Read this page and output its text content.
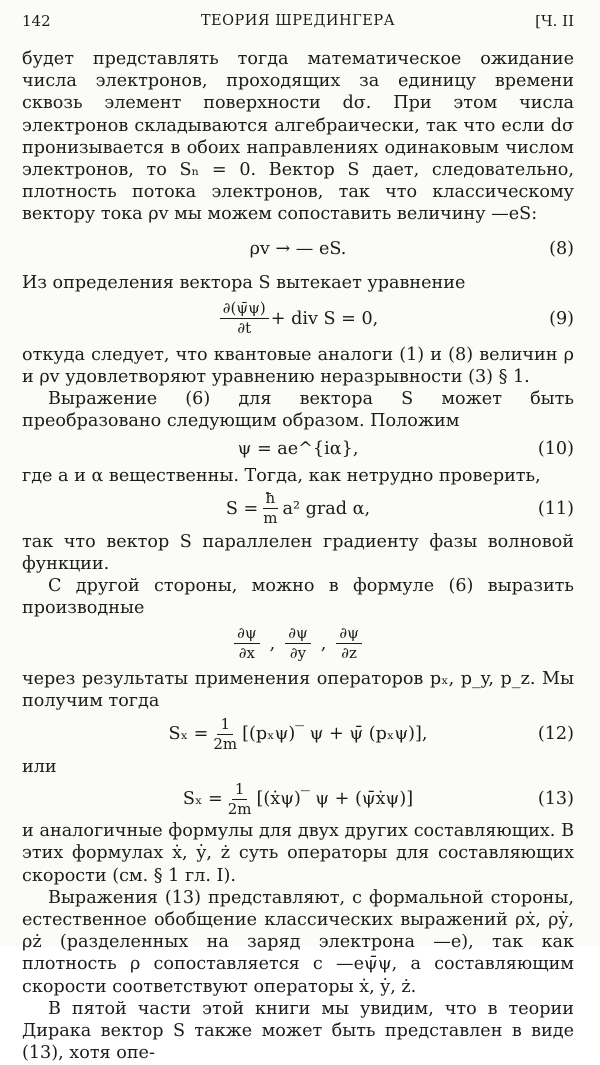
142	ТЕОРИЯ ШРЕДИНГЕРА	[Ч. II

будет представлять тогда математическое ожидание числа электронов, проходящих за единицу времени сквозь элемент поверхности dσ. При этом числа электронов складываются алгебраически, так что если dσ пронизывается в обоих направлениях одинаковым числом электронов, то Sₙ = 0. Вектор S дает, следовательно, плотность потока электронов, так что классическому вектору тока ρv мы можем сопоставить величину —eS:

ρv → — eS.	(8)

Из определения вектора S вытекает уравнение

$\frac{\partial(\psī\psi)}{\partial t}$ + div S = 0,	(9)

откуда следует, что квантовые аналоги (1) и (8) величин ρ и ρv удовлетворяют уравнению неразрывности (3) § 1.

Выражение (6) для вектора S может быть преобразовано следующим образом. Положим

ψ = ae^{iα},	(10)

где a и α вещественны. Тогда, как нетрудно проверить,

$S = \frac{ħ}{m} a^2$ grad α,	(11)

так что вектор S параллелен градиенту фазы волновой функции.

С другой стороны, можно в формуле (6) выразить производные

$\frac{\partial\psi}{\partial x}$ , $\frac{\partial\psi}{\partial y}$ , $\frac{\partial\psi}{\partial z}$

через результаты применения операторов pₓ, p_y, p_z. Мы получим тогда

$S_x = \frac{1}{2m}$ [(pₓψ)‾ ψ + ψ̄ (pₓψ)],	(12)

или

$S_x = \frac{1}{2m}$ [(ẋψ)‾ ψ + (ψ̄ẋψ)]	(13)

и аналогичные формулы для двух других составляющих. В этих формулах ẋ, ẏ, ż суть операторы для составляющих скорости (см. § 1 гл. I).

Выражения (13) представляют, с формальной стороны, естественное обобщение классических выражений ρẋ, ρẏ, ρż (разделенных на заряд электрона —e), так как плотность ρ сопоставляется с —eψ̄ψ, а составляющим скорости соответствуют операторы ẋ, ẏ, ż.

В пятой части этой книги мы увидим, что в теории Дирака вектор S также может быть представлен в виде (13), хотя опе-
